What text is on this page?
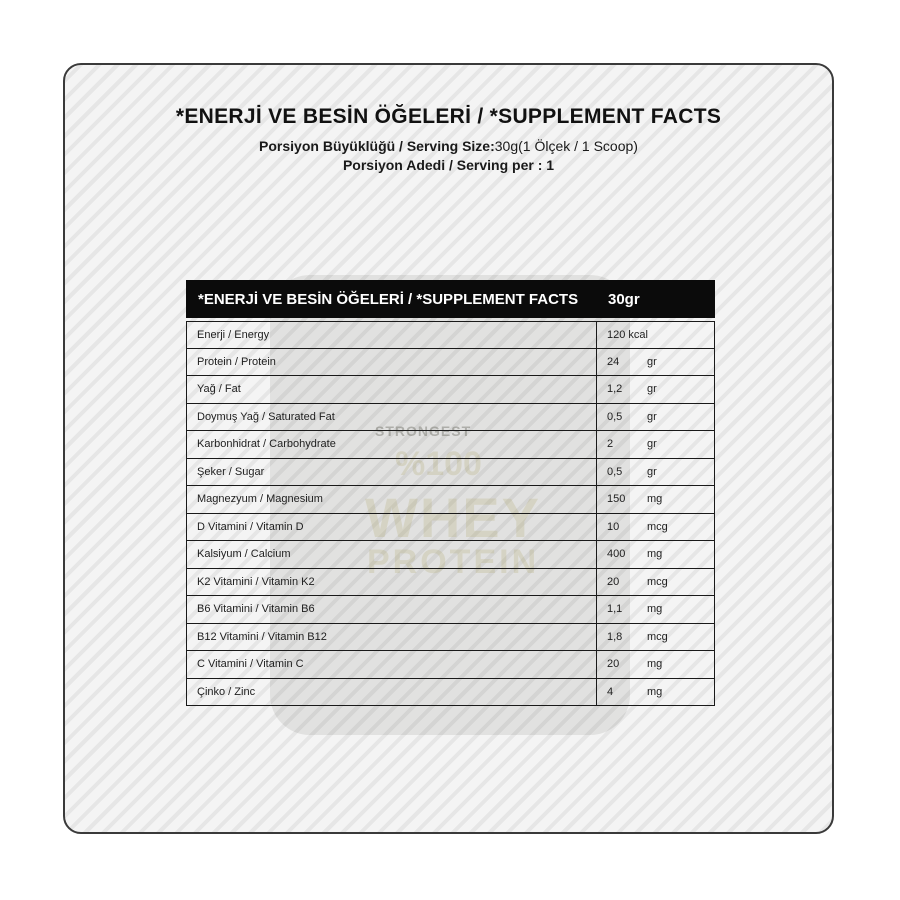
STRONGEST
%100
WHEY
PROTEIN
*ENERJİ VE BESİN ÖĞELERİ / *SUPPLEMENT FACTS
Porsiyon Büyüklüğü / Serving Size:30g(1 Ölçek / 1 Scoop)
Porsiyon Adedi / Serving per : 1
*ENERJİ VE BESİN ÖĞELERİ / *SUPPLEMENT FACTS	30gr
Enerji / Energy	120 kcal
Protein / Protein	24	gr
Yağ / Fat	1,2	gr
Doymuş Yağ / Saturated Fat	0,5	gr
Karbonhidrat / Carbohydrate	2	gr
Şeker / Sugar	0,5	gr
Magnezyum / Magnesium	150	mg
D Vitamini / Vitamin D	10	mcg
Kalsiyum / Calcium	400	mg
K2 Vitamini / Vitamin K2	20	mcg
B6 Vitamini / Vitamin B6	1,1	mg
B12 Vitamini / Vitamin B12	1,8	mcg
C Vitamini / Vitamin C	20	mg
Çinko / Zinc	4	mg
